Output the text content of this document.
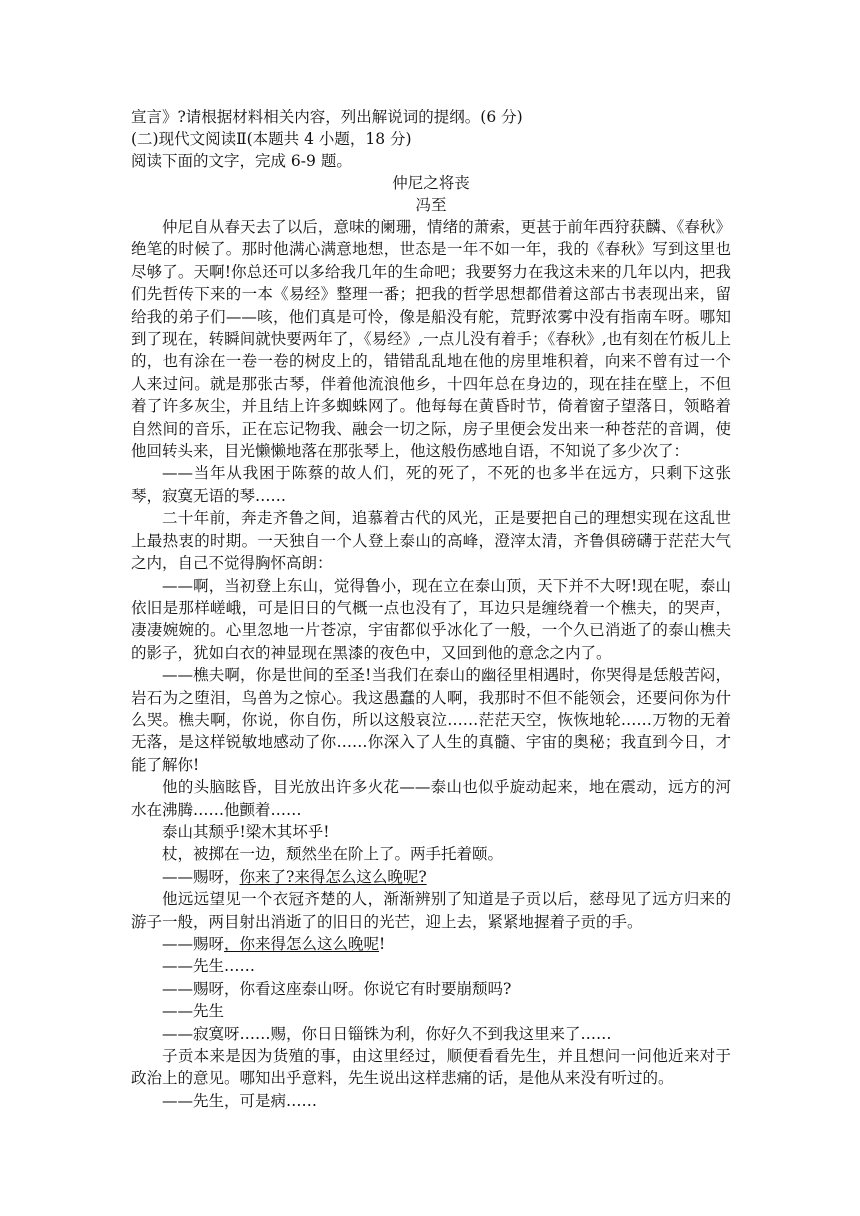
宣言》?请根据材料相关内容，列出解说词的提纲。(6 分)
(二)现代文阅读Ⅱ(本题共 4 小题，18 分)
阅读下面的文字，完成 6-9 题。
仲尼之将丧
冯至
仲尼自从春天去了以后，意味的阑珊，情绪的萧索，更甚于前年西狩获麟、《春秋》绝笔的时候了。那时他满心满意地想，世态是一年不如一年，我的《春秋》写到这里也尽够了。天啊!你总还可以多给我几年的生命吧；我要努力在我这未来的几年以内，把我们先哲传下来的一本《易经》整理一番；把我的哲学思想都借着这部古书表现出来，留给我的弟子们——咳，他们真是可怜，像是船没有舵，荒野浓雾中没有指南车呀。哪知到了现在，转瞬间就快要两年了，《易经》,一点儿没有着手；《春秋》,也有刻在竹板儿上的，也有涂在一卷一卷的树皮上的，错错乱乱地在他的房里堆积着，向来不曾有过一个人来过问。就是那张古琴，伴着他流浪他乡，十四年总在身边的，现在挂在壁上，不但着了许多灰尘，并且结上许多蜘蛛网了。他每每在黄昏时节，倚着窗子望落日，领略着自然间的音乐，正在忘记物我、融会一切之际，房子里便会发出来一种苍茫的音调，使他回转头来，目光懒懒地落在那张琴上，他这般伤感地自语，不知说了多少次了：
——当年从我困于陈蔡的故人们，死的死了，不死的也多半在远方，只剩下这张琴，寂寞无语的琴……
二十年前，奔走齐鲁之间，追慕着古代的风光，正是要把自己的理想实现在这乱世上最热衷的时期。一天独自一个人登上泰山的高峰，澄滓太清，齐鲁俱磅礴于茫茫大气之内，自己不觉得胸怀高朗：
——啊，当初登上东山，觉得鲁小，现在立在泰山顶，天下并不大呀!现在呢，泰山依旧是那样嵯峨，可是旧日的气概一点也没有了，耳边只是缠绕着一个樵夫，的哭声，凄凄婉婉的。心里忽地一片苍凉，宇宙都似乎冰化了一般，一个久已消逝了的泰山樵夫的影子，犹如白衣的神显现在黑漆的夜色中，又回到他的意念之内了。
——樵夫啊，你是世间的至圣!当我们在泰山的幽径里相遇时，你哭得是恁般苦闷，岩石为之堕泪，鸟兽为之惊心。我这愚蠢的人啊，我那时不但不能领会，还要问你为什么哭。樵夫啊，你说，你自伤，所以这般哀泣……茫茫天空，恢恢地轮……万物的无着无落，是这样锐敏地感动了你……你深入了人生的真髓、宇宙的奥秘；我直到今日，才能了解你!
他的头脑眩昏，目光放出许多火花——泰山也似乎旋动起来，地在震动，远方的河水在沸腾……他颤着……
泰山其颓乎!梁木其坏乎!
杖，被掷在一边，颓然坐在阶上了。两手托着颐。
——赐呀，你来了?来得怎么这么晚呢?
他远远望见一个衣冠齐楚的人，渐渐辨别了知道是子贡以后，慈母见了远方归来的游子一般，两目射出消逝了的旧日的光芒，迎上去，紧紧地握着子贡的手。
——赐呀，你来得怎么这么晚呢!
——先生……
——赐呀，你看这座泰山呀。你说它有时要崩颓吗?
——先生
——寂寞呀……赐，你日日锱铢为利，你好久不到我这里来了……
子贡本来是因为货殖的事，由这里经过，顺便看看先生，并且想问一问他近来对于政治上的意见。哪知出乎意料，先生说出这样悲痛的话，是他从来没有听过的。
——先生，可是病……
